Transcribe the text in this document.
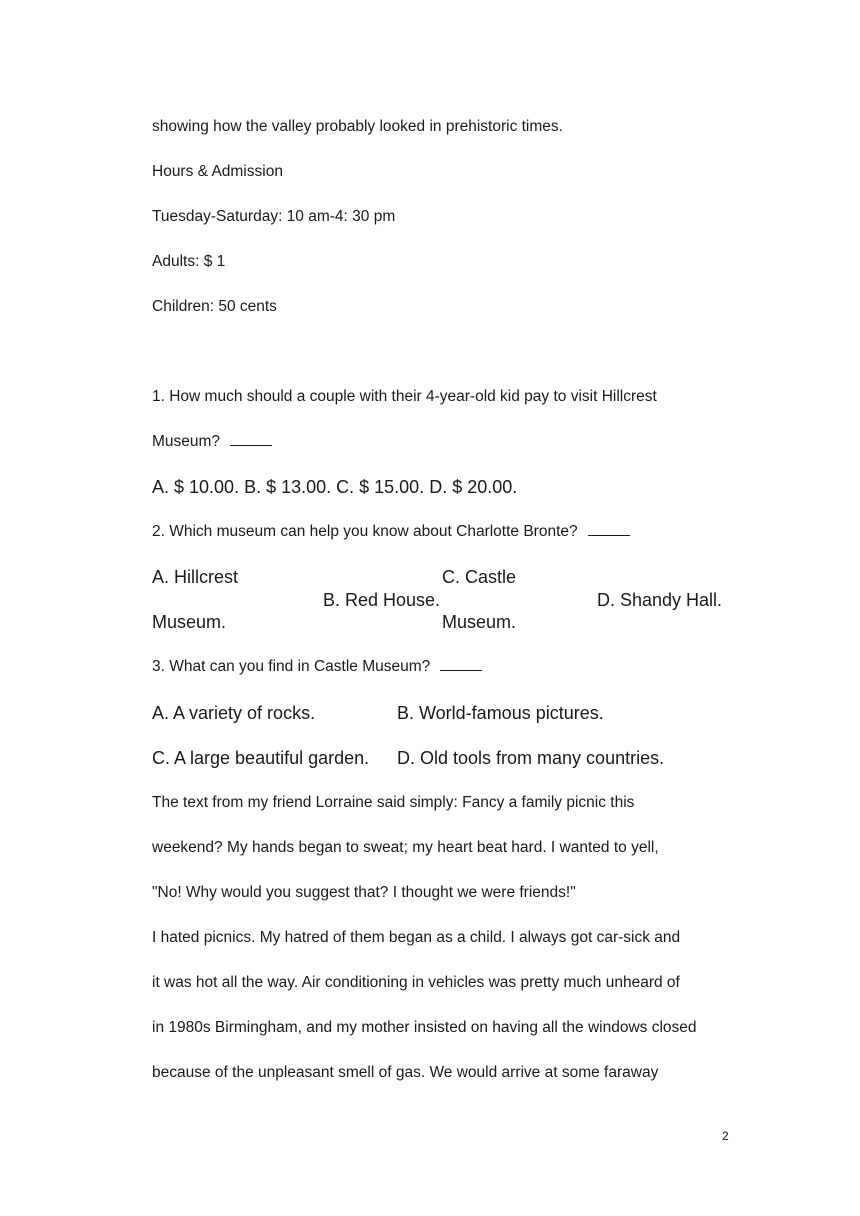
showing how the valley probably looked in prehistoric times.
Hours & Admission
Tuesday-Saturday: 10 am-4: 30 pm
Adults: $ 1
Children: 50 cents
1. How much should a couple with their 4-year-old kid pay to visit Hillcrest
Museum?
A. $ 10.00. B. $ 13.00. C. $ 15.00. D. $ 20.00.
2. Which museum can help you know about Charlotte Bronte?
A. Hillcrest
Museum.
B. Red House.
C. Castle
Museum.
D. Shandy Hall.
3. What can you find in Castle Museum?
A. A variety of rocks.	B. World-famous pictures.
C. A large beautiful garden. D. Old tools from many countries.
The text from my friend Lorraine said simply: Fancy a family picnic this
weekend? My hands began to sweat; my heart beat hard. I wanted to yell,
"No! Why would you suggest that? I thought we were friends!"
I hated picnics. My hatred of them began as a child. I always got car-sick and
it was hot all the way. Air conditioning in vehicles was pretty much unheard of
in 1980s Birmingham, and my mother insisted on having all the windows closed
because of the unpleasant smell of gas. We would arrive at some faraway
2
